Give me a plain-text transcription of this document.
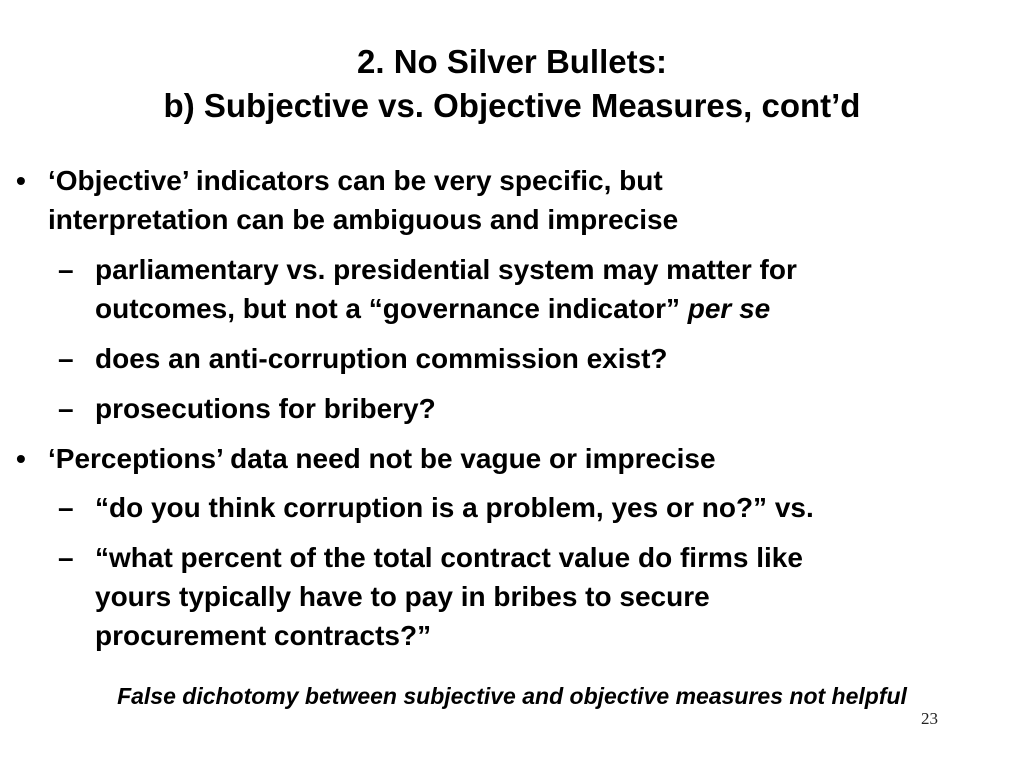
2. No Silver Bullets:
b) Subjective vs. Objective Measures, cont’d
• ‘Objective’ indicators can be very specific, but
interpretation can be ambiguous and imprecise
– parliamentary vs. presidential system may matter for
outcomes, but not a “governance indicator” per se
– does an anti-corruption commission exist?
– prosecutions for bribery?
• ‘Perceptions’ data need not be vague or imprecise
– “do you think corruption is a problem, yes or no?” vs.
– “what percent of the total contract value do firms like
yours typically have to pay in bribes to secure
procurement contracts?”
False dichotomy between subjective and objective measures not helpful
23
